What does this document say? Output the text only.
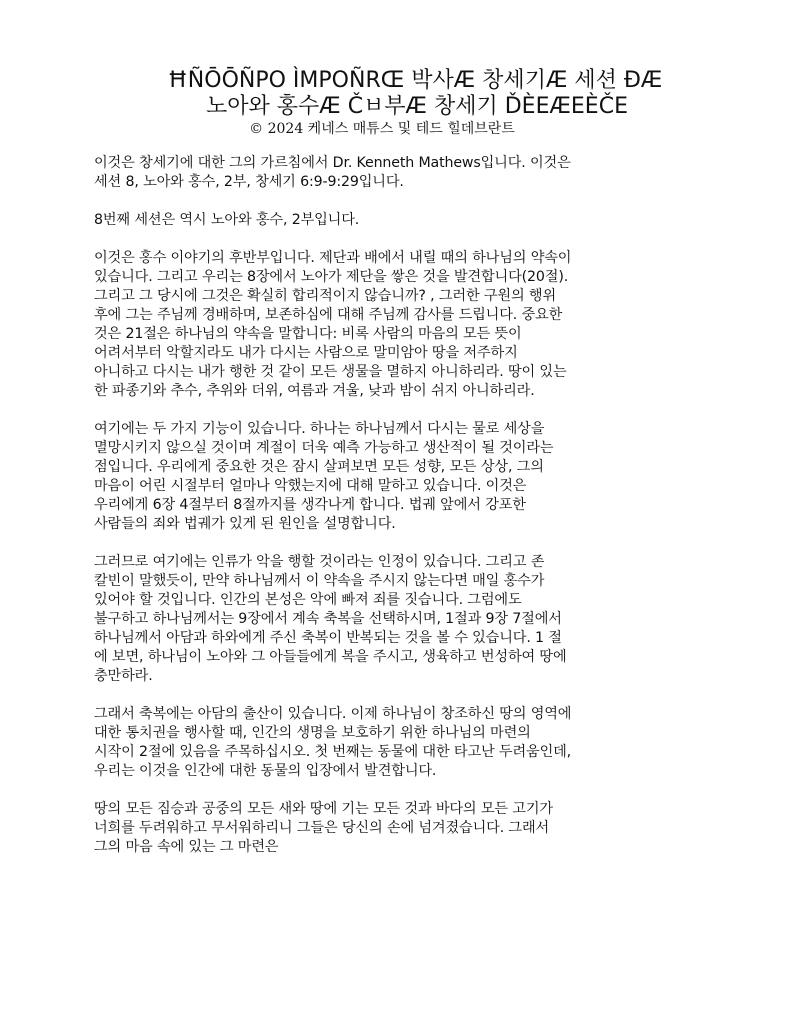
ĦÑŌŌÑPO ÌMPOÑRŒ 박사Æ 창세기Æ 세션 ĐÆ
노아와 홍수Æ Čㅂ부Æ 창세기 ĎÈEÆEÈČE
© 2024 케네스 매튜스 및 테드 힐데브란트

이것은 창세기에 대한 그의 가르침에서 Dr. Kenneth Mathews입니다. 이것은
세션 8, 노아와 홍수, 2부, 창세기 6:9-9:29입니다.

8번째 세션은 역시 노아와 홍수, 2부입니다.

이것은 홍수 이야기의 후반부입니다. 제단과 배에서 내릴 때의 하나님의 약속이
있습니다. 그리고 우리는 8장에서 노아가 제단을 쌓은 것을 발견합니다(20절).
그리고 그 당시에 그것은 확실히 합리적이지 않습니까? , 그러한 구원의 행위
후에 그는 주님께 경배하며, 보존하심에 대해 주님께 감사를 드립니다. 중요한
것은 21절은 하나님의 약속을 말합니다: 비록 사람의 마음의 모든 뜻이
어려서부터 악할지라도 내가 다시는 사람으로 말미암아 땅을 저주하지
아니하고 다시는 내가 행한 것 같이 모든 생물을 멸하지 아니하리라. 땅이 있는
한 파종기와 추수, 추위와 더위, 여름과 겨울, 낮과 밤이 쉬지 아니하리라.

여기에는 두 가지 기능이 있습니다. 하나는 하나님께서 다시는 물로 세상을
멸망시키지 않으실 것이며 계절이 더욱 예측 가능하고 생산적이 될 것이라는
점입니다. 우리에게 중요한 것은 잠시 살펴보면 모든 성향, 모든 상상, 그의
마음이 어린 시절부터 얼마나 악했는지에 대해 말하고 있습니다. 이것은
우리에게 6장 4절부터 8절까지를 생각나게 합니다. 법궤 앞에서 강포한
사람들의 죄와 법궤가 있게 된 원인을 설명합니다.

그러므로 여기에는 인류가 악을 행할 것이라는 인정이 있습니다. 그리고 존
칼빈이 말했듯이, 만약 하나님께서 이 약속을 주시지 않는다면 매일 홍수가
있어야 할 것입니다. 인간의 본성은 악에 빠져 죄를 짓습니다. 그럼에도
불구하고 하나님께서는 9장에서 계속 축복을 선택하시며, 1절과 9장 7절에서
하나님께서 아담과 하와에게 주신 축복이 반복되는 것을 볼 수 있습니다. 1 절
에 보면, 하나님이 노아와 그 아들들에게 복을 주시고, 생육하고 번성하여 땅에
충만하라.

그래서 축복에는 아담의 출산이 있습니다. 이제 하나님이 창조하신 땅의 영역에
대한 통치권을 행사할 때, 인간의 생명을 보호하기 위한 하나님의 마련의
시작이 2절에 있음을 주목하십시오. 첫 번째는 동물에 대한 타고난 두려움인데,
우리는 이것을 인간에 대한 동물의 입장에서 발견합니다.

땅의 모든 짐승과 공중의 모든 새와 땅에 기는 모든 것과 바다의 모든 고기가
너희를 두려워하고 무서워하리니 그들은 당신의 손에 넘겨졌습니다. 그래서
그의 마음 속에 있는 그 마련은
